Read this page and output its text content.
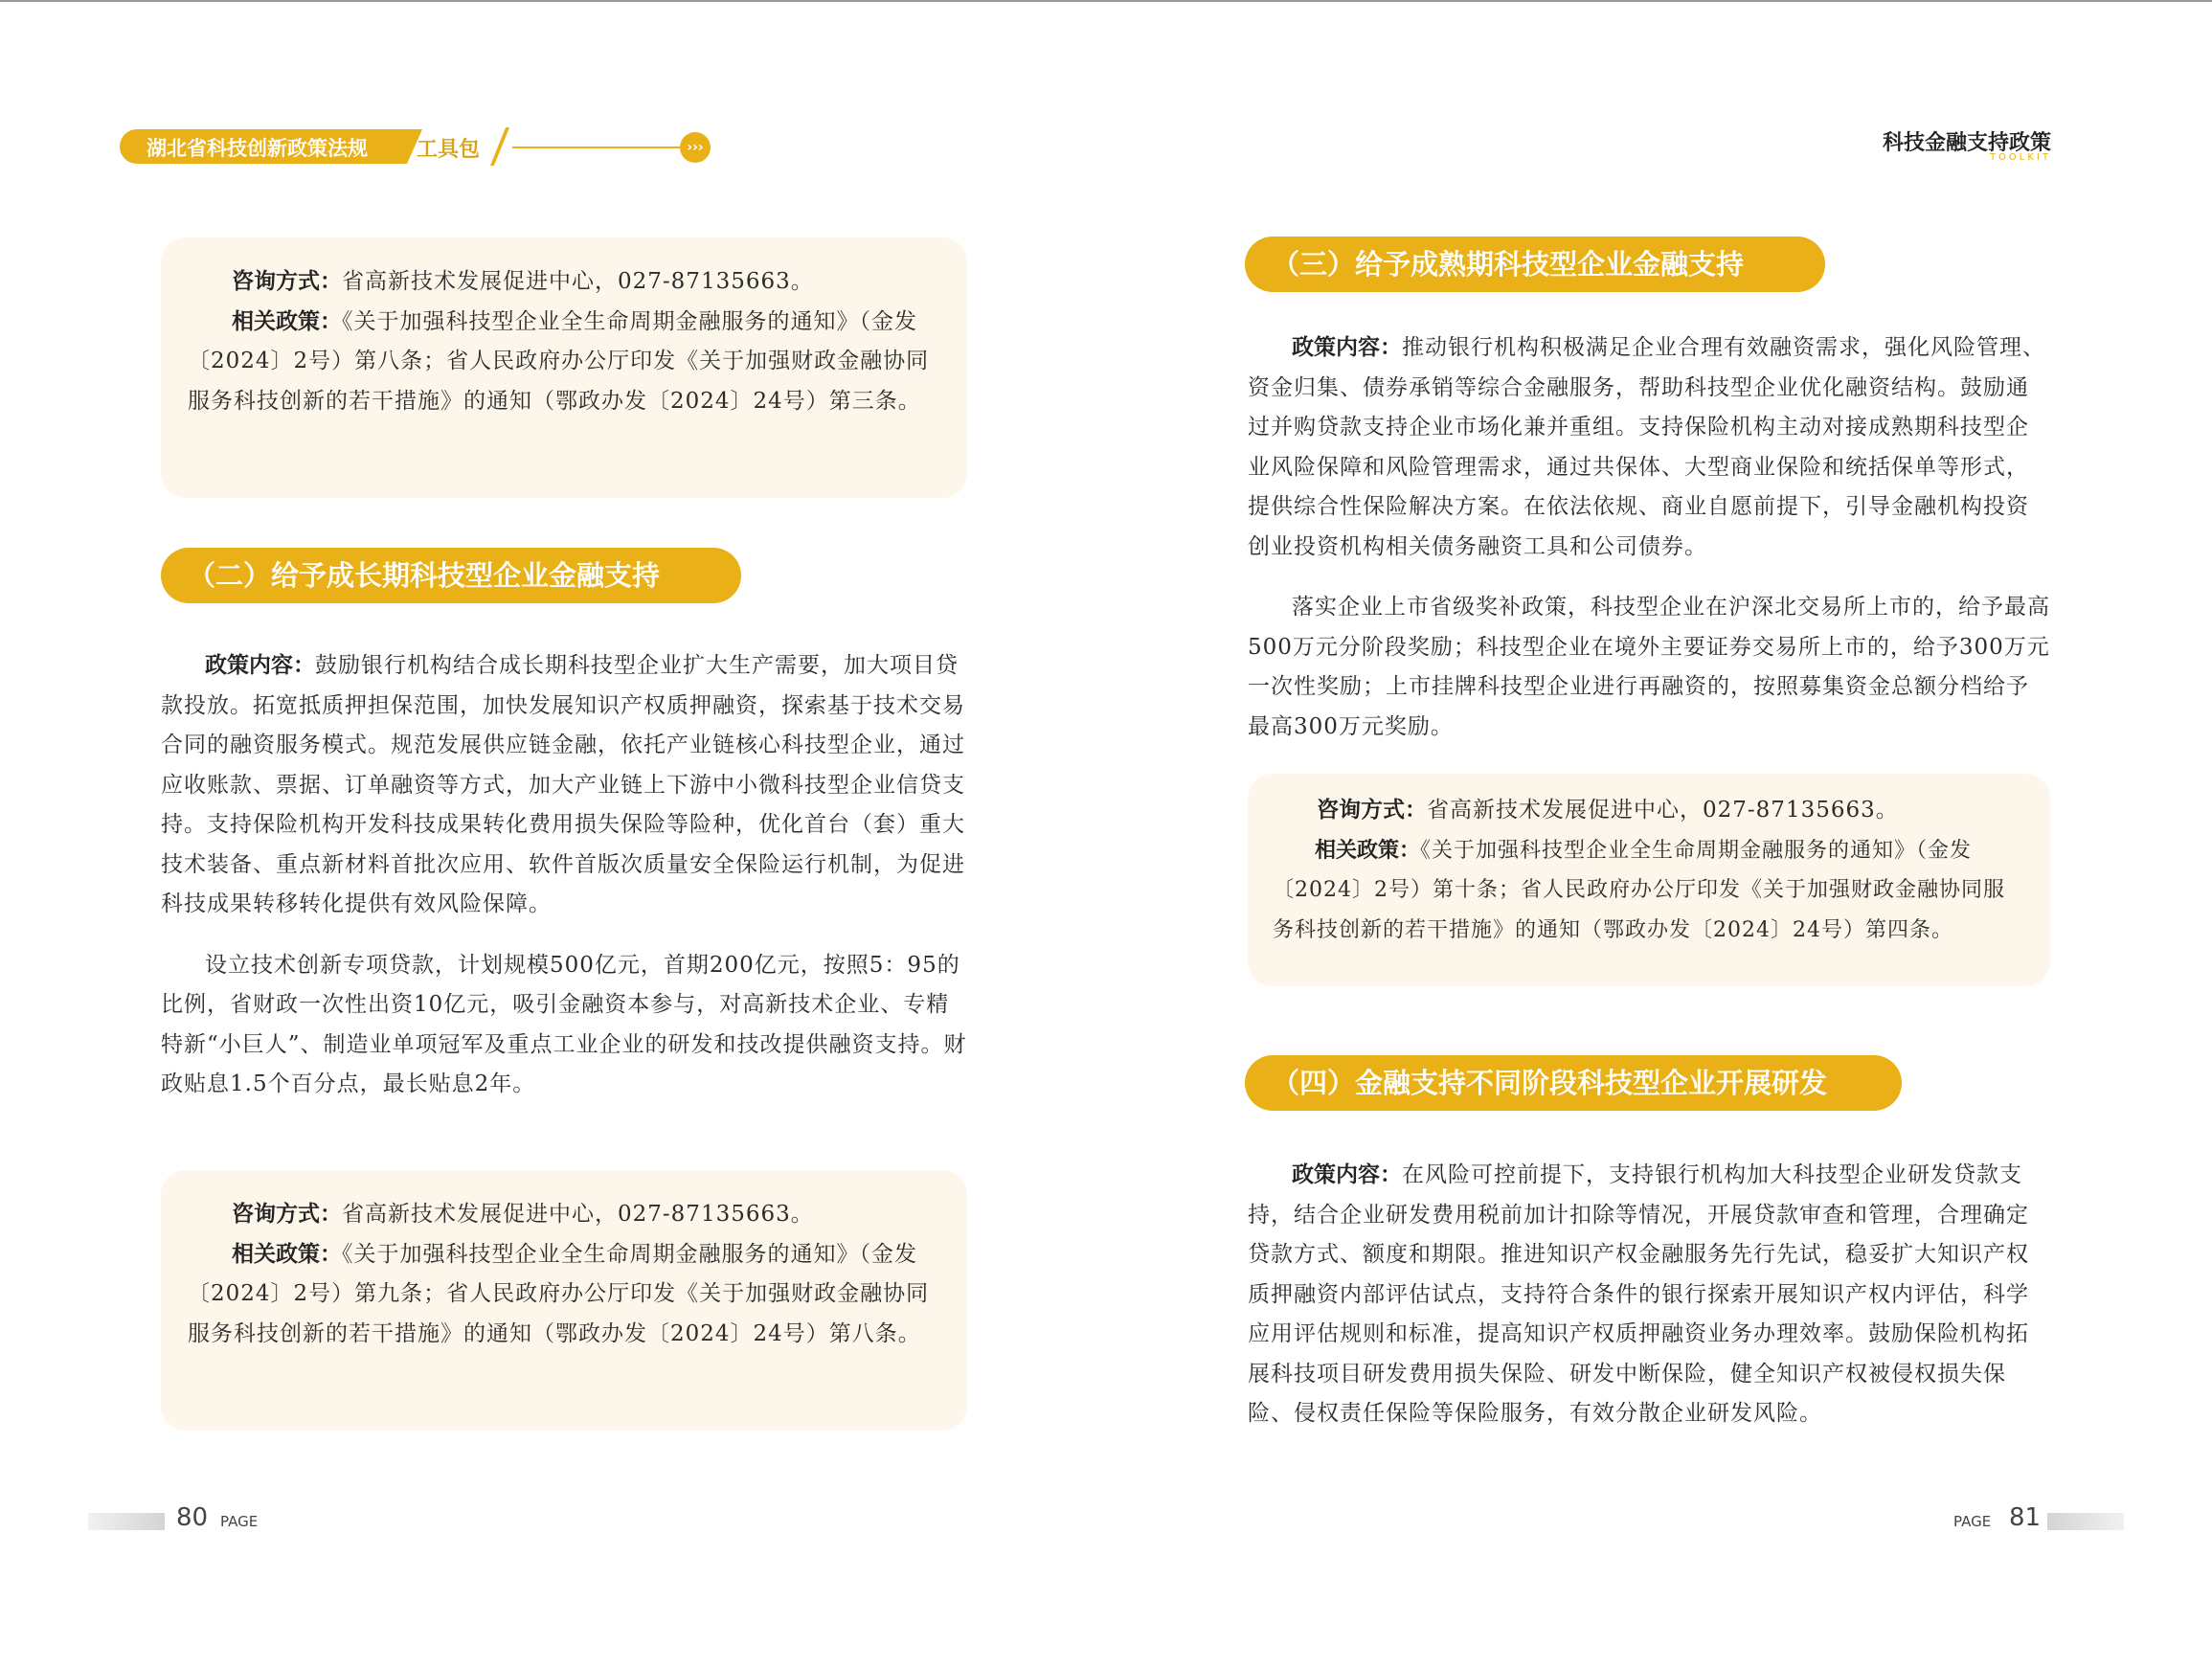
湖北省科技创新政策法规 工具包	›››	科技金融支持政策
TOOLKIT

咨询方式：省高新技术发展促进中心，027-87135663。

相关政策：《关于加强科技型企业全生命周期金融服务的通知》（金发〔2024〕2号）第八条；省人民政府办公厅印发《关于加强财政金融协同服务科技创新的若干措施》的通知（鄂政办发〔2024〕24号）第三条。

（二）给予成长期科技型企业金融支持

政策内容：鼓励银行机构结合成长期科技型企业扩大生产需要，加大项目贷款投放。拓宽抵质押担保范围，加快发展知识产权质押融资，探索基于技术交易合同的融资服务模式。规范发展供应链金融，依托产业链核心科技型企业，通过应收账款、票据、订单融资等方式，加大产业链上下游中小微科技型企业信贷支持。支持保险机构开发科技成果转化费用损失保险等险种，优化首台（套）重大技术装备、重点新材料首批次应用、软件首版次质量安全保险运行机制，为促进科技成果转移转化提供有效风险保障。

设立技术创新专项贷款，计划规模500亿元，首期200亿元，按照5：95的比例，省财政一次性出资10亿元，吸引金融资本参与，对高新技术企业、专精特新“小巨人”、制造业单项冠军及重点工业企业的研发和技改提供融资支持。财政贴息1.5个百分点，最长贴息2年。

咨询方式：省高新技术发展促进中心，027-87135663。

相关政策：《关于加强科技型企业全生命周期金融服务的通知》（金发〔2024〕2号）第九条；省人民政府办公厅印发《关于加强财政金融协同服务科技创新的若干措施》的通知（鄂政办发〔2024〕24号）第八条。

80 PAGE
（三）给予成熟期科技型企业金融支持

政策内容：推动银行机构积极满足企业合理有效融资需求，强化风险管理、资金归集、债券承销等综合金融服务，帮助科技型企业优化融资结构。鼓励通过并购贷款支持企业市场化兼并重组。支持保险机构主动对接成熟期科技型企业风险保障和风险管理需求，通过共保体、大型商业保险和统括保单等形式，提供综合性保险解决方案。在依法依规、商业自愿前提下，引导金融机构投资创业投资机构相关债务融资工具和公司债券。

落实企业上市省级奖补政策，科技型企业在沪深北交易所上市的，给予最高500万元分阶段奖励；科技型企业在境外主要证券交易所上市的，给予300万元一次性奖励；上市挂牌科技型企业进行再融资的，按照募集资金总额分档给予最高300万元奖励。

咨询方式：省高新技术发展促进中心，027-87135663。

相关政策：《关于加强科技型企业全生命周期金融服务的通知》（金发〔2024〕2号）第十条；省人民政府办公厅印发《关于加强财政金融协同服务科技创新的若干措施》的通知（鄂政办发〔2024〕24号）第四条。

（四）金融支持不同阶段科技型企业开展研发

政策内容：在风险可控前提下，支持银行机构加大科技型企业研发贷款支持，结合企业研发费用税前加计扣除等情况，开展贷款审查和管理，合理确定贷款方式、额度和期限。推进知识产权金融服务先行先试，稳妥扩大知识产权质押融资内部评估试点，支持符合条件的银行探索开展知识产权内评估，科学应用评估规则和标准，提高知识产权质押融资业务办理效率。鼓励保险机构拓展科技项目研发费用损失保险、研发中断保险，健全知识产权被侵权损失保险、侵权责任保险等保险服务，有效分散企业研发风险。

PAGE 81
